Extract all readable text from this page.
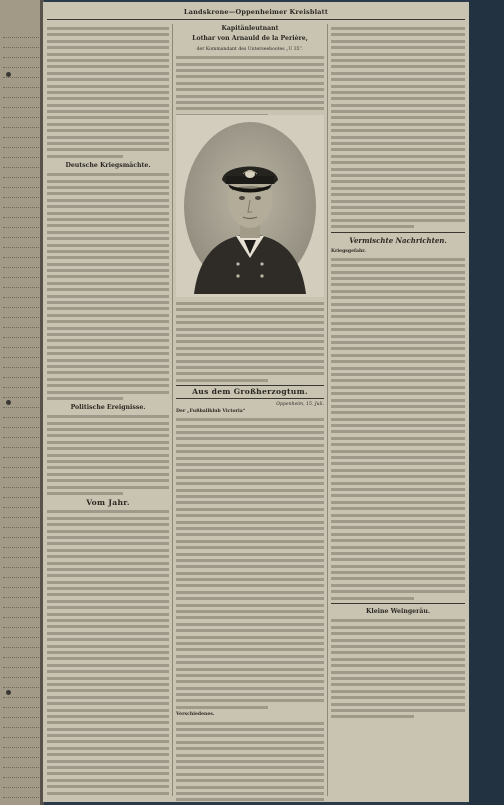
Landskrone—Oppenheimer Kreisblatt
Deutsche Kriegsmächte.
Politische Ereignisse.
Vom Jahr.
Kapitänleutnant
Lothar von Arnauld de la Perière,
der Kommandant des Unterseebootes „U 35“.
Aus dem Großherzogtum.
Oppenheim, 15. Juli.
Der „Fußballklub Victoria“
Verschiedenes.
Vermischte Nachrichten.
Kriegsgefahr.
Kleine Weingeräu.
